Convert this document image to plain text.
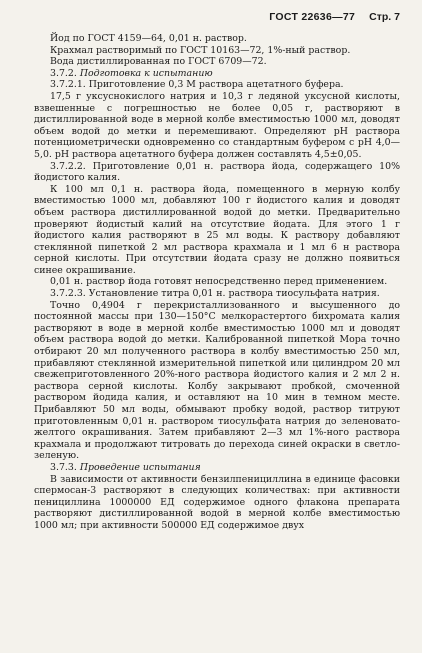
ГОСТ 22636—77 Стр. 7

Йод по ГОСТ 4159—64, 0,01 н. раствор.

Крахмал растворимый по ГОСТ 10163—72, 1%-ный раствор.

Вода дистиллированная по ГОСТ 6709—72.

3.7.2. Подготовка к испытанию

3.7.2.1. Приготовление 0,3 М раствора ацетатного буфера.

17,5 г уксуснокислого натрия и 10,3 г ледяной уксусной кислоты, взвешенные с погрешностью не более 0,05 г, растворяют в дистиллированной воде в мерной колбе вместимостью 1000 мл, доводят объем водой до метки и перемешивают. Определяют рН раствора потенциометрически одновременно со стандартным буфером с рН 4,0—5,0. рН раствора ацетатного буфера должен составлять 4,5±0,05.

3.7.2.2. Приготовление 0,01 н. раствора йода, содержащего 10% йодистого калия.

К 100 мл 0,1 н. раствора йода, помещенного в мерную колбу вместимостью 1000 мл, добавляют 100 г йодистого калия и доводят объем раствора дистиллированной водой до метки. Предварительно проверяют йодистый калий на отсутствие йодата. Для этого 1 г йодистого калия растворяют в 25 мл воды. К раствору добавляют стеклянной пипеткой 2 мл раствора крахмала и 1 мл 6 н раствора серной кислоты. При отсутствии йодата сразу не должно появиться синее окрашивание.

0,01 н. раствор йода готовят непосредственно перед применением.

3.7.2.3. Установление титра 0,01 н. раствора тиосульфата натрия.

Точно 0,4904 г перекристаллизованного и высушенного до постоянной массы при 130—150°С мелкорастертого бихромата калия растворяют в воде в мерной колбе вместимостью 1000 мл и доводят объем раствора водой до метки. Калиброванной пипеткой Мора точно отбирают 20 мл полученного раствора в колбу вместимостью 250 мл, прибавляют стеклянной измерительной пипеткой или цилиндром 20 мл свежеприготовленного 20%-ного раствора йодистого калия и 2 мл 2 н. раствора серной кислоты. Колбу закрывают пробкой, смоченной раствором йодида калия, и оставляют на 10 мин в темном месте. Прибавляют 50 мл воды, обмывают пробку водой, раствор титруют приготовленным 0,01 н. раствором тиосульфата натрия до зеленовато-желтого окрашивания. Затем прибавляют 2—3 мл 1%-ного раствора крахмала и продолжают титровать до перехода синей окраски в светло-зеленую.

3.7.3. Проведение испытания

В зависимости от активности бензилпенициллина в единице фасовки спермосан-3 растворяют в следующих количествах: при активности пенициллина 1000000 ЕД содержимое одного флакона препарата растворяют дистиллированной водой в мерной колбе вместимостью 1000 мл; при активности 500000 ЕД содержимое двух
